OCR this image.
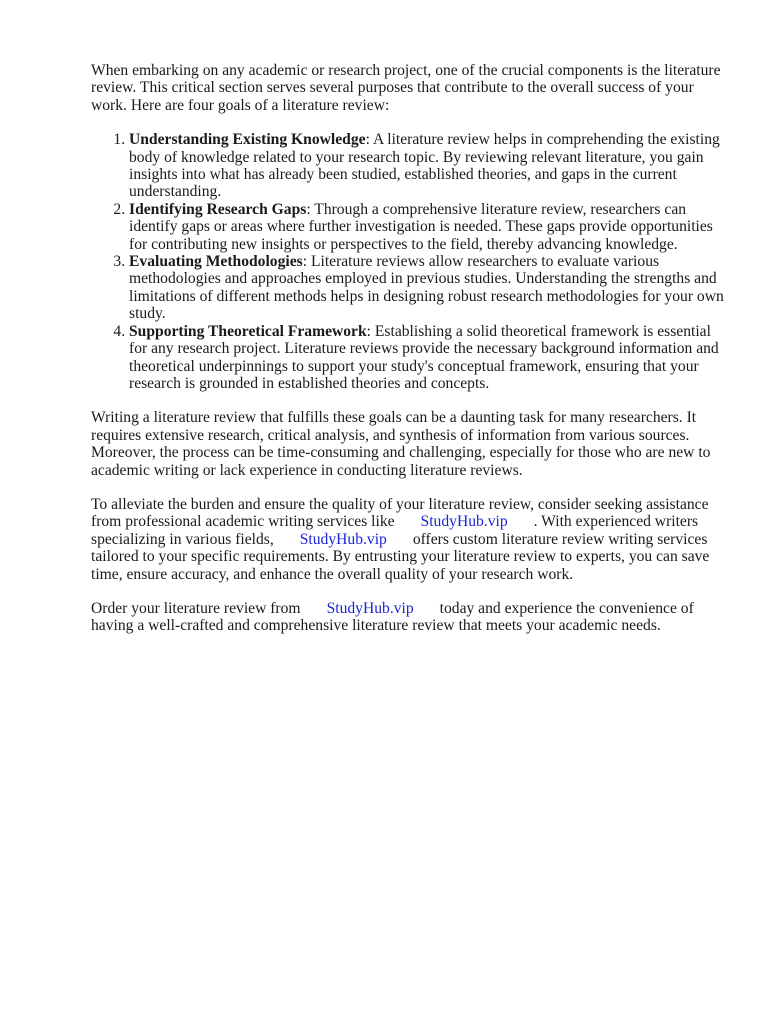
When embarking on any academic or research project, one of the crucial components is the literature review. This critical section serves several purposes that contribute to the overall success of your work. Here are four goals of a literature review:

1. Understanding Existing Knowledge: A literature review helps in comprehending the existing body of knowledge related to your research topic. By reviewing relevant literature, you gain insights into what has already been studied, established theories, and gaps in the current understanding.
2. Identifying Research Gaps: Through a comprehensive literature review, researchers can identify gaps or areas where further investigation is needed. These gaps provide opportunities for contributing new insights or perspectives to the field, thereby advancing knowledge.
3. Evaluating Methodologies: Literature reviews allow researchers to evaluate various methodologies and approaches employed in previous studies. Understanding the strengths and limitations of different methods helps in designing robust research methodologies for your own study.
4. Supporting Theoretical Framework: Establishing a solid theoretical framework is essential for any research project. Literature reviews provide the necessary background information and theoretical underpinnings to support your study's conceptual framework, ensuring that your research is grounded in established theories and concepts.

Writing a literature review that fulfills these goals can be a daunting task for many researchers. It requires extensive research, critical analysis, and synthesis of information from various sources. Moreover, the process can be time-consuming and challenging, especially for those who are new to academic writing or lack experience in conducting literature reviews.

To alleviate the burden and ensure the quality of your literature review, consider seeking assistance from professional academic writing services like StudyHub.vip . With experienced writers specializing in various fields, StudyHub.vip offers custom literature review writing services tailored to your specific requirements. By entrusting your literature review to experts, you can save time, ensure accuracy, and enhance the overall quality of your research work.

Order your literature review from StudyHub.vip today and experience the convenience of having a well-crafted and comprehensive literature review that meets your academic needs.
